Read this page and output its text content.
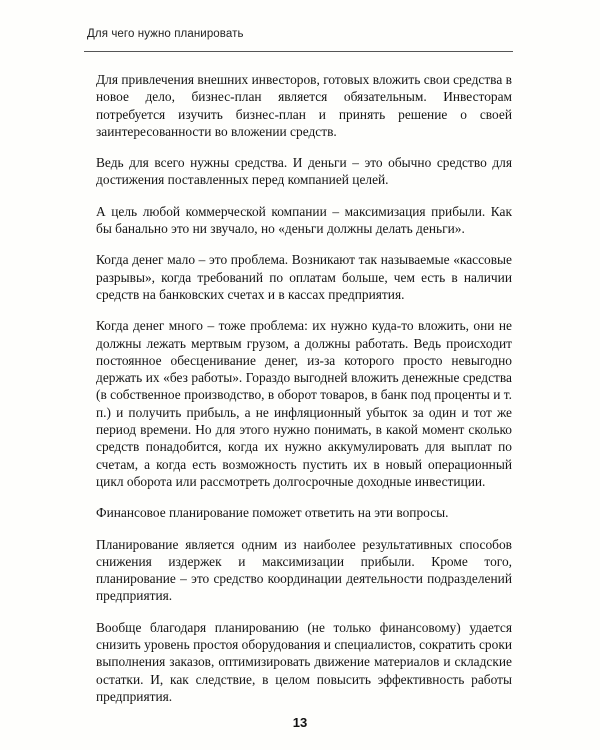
Для чего нужно планировать

Для привлечения внешних инвесторов, готовых вложить свои средства в новое дело, бизнес-план является обязательным. Инвесторам потребуется изучить бизнес-план и принять решение о своей заинтересованности во вложении средств.

Ведь для всего нужны средства. И деньги – это обычно средство для достижения поставленных перед компанией целей.

А цель любой коммерческой компании – максимизация прибыли. Как бы банально это ни звучало, но «деньги должны делать деньги».

Когда денег мало – это проблема. Возникают так называемые «кассовые разрывы», когда требований по оплатам больше, чем есть в наличии средств на банковских счетах и в кассах предприятия.

Когда денег много – тоже проблема: их нужно куда-то вложить, они не должны лежать мертвым грузом, а должны работать. Ведь происходит постоянное обесценивание денег, из-за которого просто невыгодно держать их «без работы». Гораздо выгодней вложить денежные средства (в собственное производство, в оборот товаров, в банк под проценты и т. п.) и получить прибыль, а не инфляционный убыток за один и тот же период времени. Но для этого нужно понимать, в какой момент сколько средств понадобится, когда их нужно аккумулировать для выплат по счетам, а когда есть возможность пустить их в новый операционный цикл оборота или рассмотреть долгосрочные доходные инвестиции.

Финансовое планирование поможет ответить на эти вопросы.

Планирование является одним из наиболее результативных способов снижения издержек и максимизации прибыли. Кроме того, планирование – это средство координации деятельности подразделений предприятия.

Вообще благодаря планированию (не только финансовому) удается снизить уровень простоя оборудования и специалистов, сократить сроки выполнения заказов, оптимизировать движение материалов и складские остатки. И, как следствие, в целом повысить эффективность работы предприятия.

13
